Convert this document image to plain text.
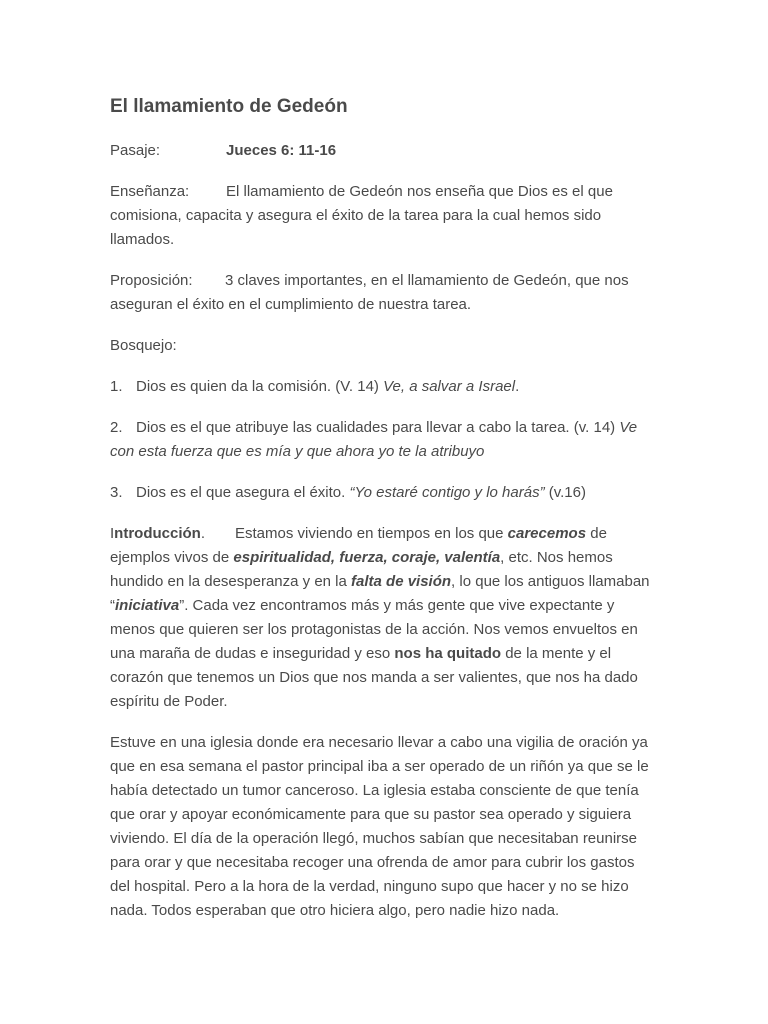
El llamamiento de Gedeón

Pasaje:	Jueces 6: 11-16

Enseñanza: El llamamiento de Gedeón nos enseña que Dios es el que comisiona, capacita y asegura el éxito de la tarea para la cual hemos sido llamados.

Proposición: 3 claves importantes, en el llamamiento de Gedeón, que nos aseguran el éxito en el cumplimiento de nuestra tarea.

Bosquejo:

1. Dios es quien da la comisión. (V. 14) Ve, a salvar a Israel.

2. Dios es el que atribuye las cualidades para llevar a cabo la tarea. (v. 14) Ve con esta fuerza que es mía y que ahora yo te la atribuyo

3. Dios es el que asegura el éxito. “Yo estaré contigo y lo harás” (v.16)

Introducción. Estamos viviendo en tiempos en los que carecemos de ejemplos vivos de espiritualidad, fuerza, coraje, valentía, etc. Nos hemos hundido en la desesperanza y en la falta de visión, lo que los antiguos llamaban “iniciativa”. Cada vez encontramos más y más gente que vive expectante y menos que quieren ser los protagonistas de la acción. Nos vemos envueltos en una maraña de dudas e inseguridad y eso nos ha quitado de la mente y el corazón que tenemos un Dios que nos manda a ser valientes, que nos ha dado espíritu de Poder.

Estuve en una iglesia donde era necesario llevar a cabo una vigilia de oración ya que en esa semana el pastor principal iba a ser operado de un riñón ya que se le había detectado un tumor canceroso. La iglesia estaba consciente de que tenía que orar y apoyar económicamente para que su pastor sea operado y siguiera viviendo. El día de la operación llegó, muchos sabían que necesitaban reunirse para orar y que necesitaba recoger una ofrenda de amor para cubrir los gastos del hospital. Pero a la hora de la verdad, ninguno supo que hacer y no se hizo nada. Todos esperaban que otro hiciera algo, pero nadie hizo nada.
